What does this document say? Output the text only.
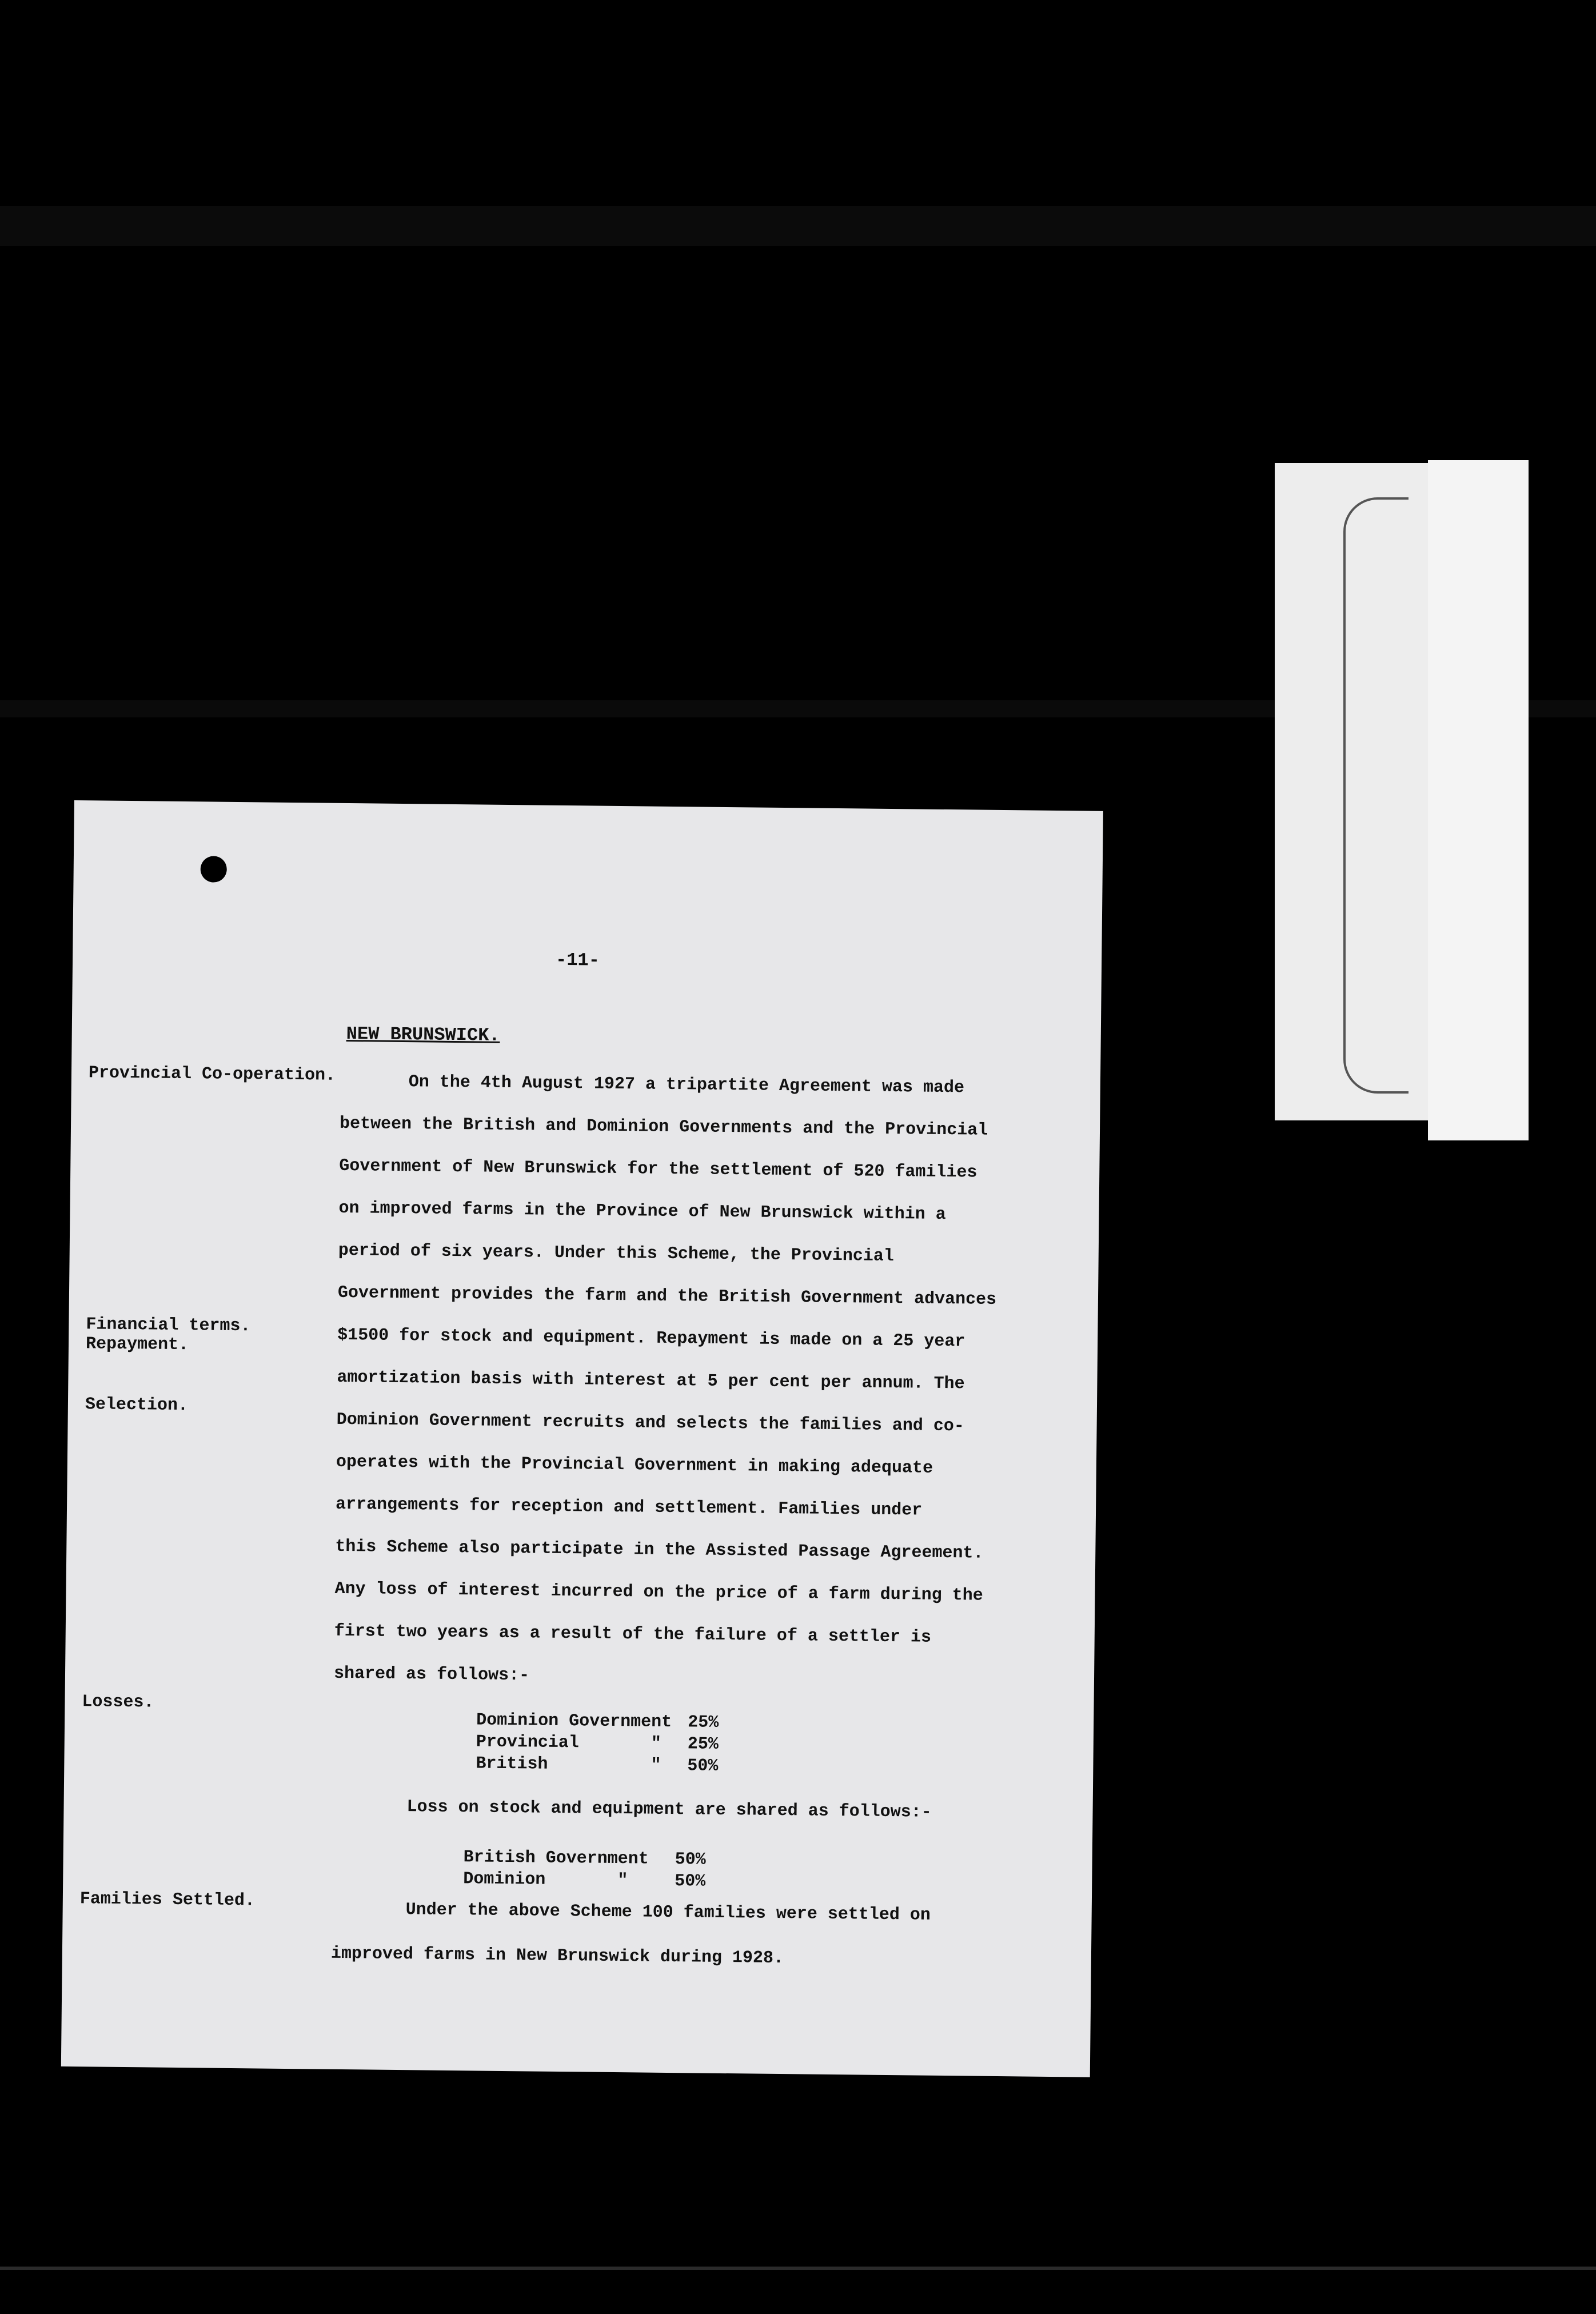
-11-
NEW BRUNSWICK.
Provincial Co-operation.
Financial terms.
Repayment.
Selection.
Losses.
Families Settled.
On the 4th August 1927 a tripartite Agreement was made
between the British and Dominion Governments and the Provincial
Government of New Brunswick for the settlement of 520 families
on improved farms in the Province of New Brunswick within a
period of six years. Under this Scheme, the Provincial
Government provides the farm and the British Government advances
$1500 for stock and equipment. Repayment is made on a 25 year
amortization basis with interest at 5 per cent per annum. The
Dominion Government recruits and selects the families and co-
operates with the Provincial Government in making adequate
arrangements for reception and settlement. Families under
this Scheme also participate in the Assisted Passage Agreement.
Any loss of interest incurred on the price of a farm during the
first two years as a result of the failure of a settler is
shared as follows:-
Dominion Government 25%
Provincial       "	25%
British          "	50%
Loss on stock and equipment are shared as follows:-
British Government	50%
Dominion       "	50%
Under the above Scheme 100 families were settled on
improved farms in New Brunswick during 1928.
Woodsworth, James Shaver (MG 27 III C 7, vol. 7)
Immigration (Part A)
[1926-1938]
n.d.,
7.3
National Archives of Canada
Archives nationales du Canada
